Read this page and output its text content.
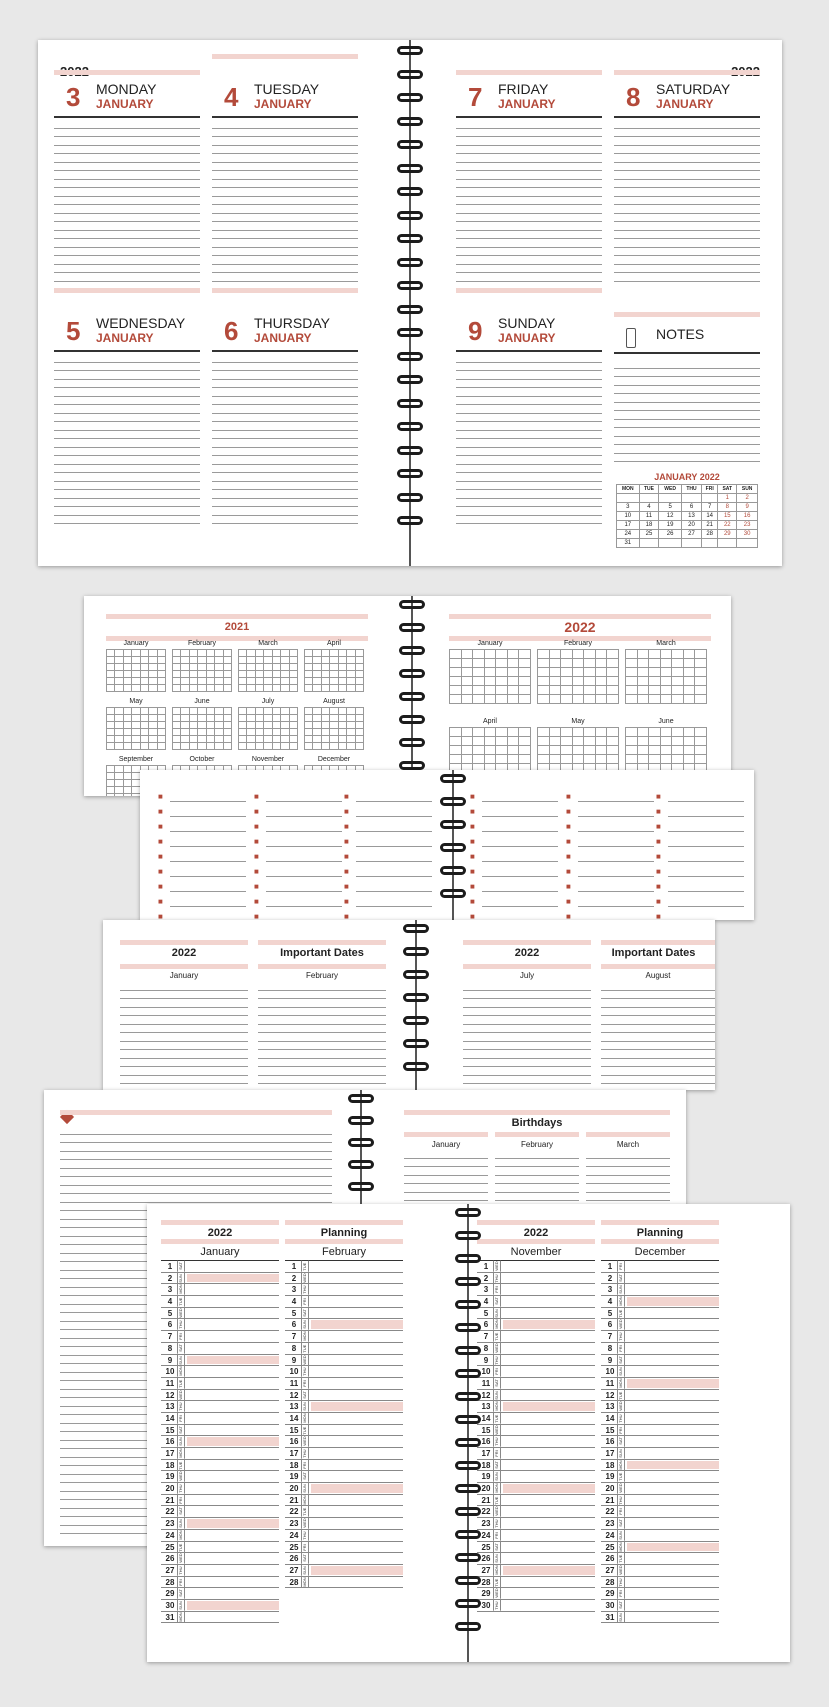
3 MONDAY
JANUARY	4 TUESDAY
JANUARY
5 WEDNESDAY
JANUARY	6 THURSDAY
JANUARY
7 FRIDAY
JANUARY	8 SATURDAY
JANUARY
9 SUNDAY
JANUARY	NOTES
JANUARY 2022
MON	TUE	WED	THU	FRI	SAT	SUN
					1	2
3	4	5	6	7	8	9
10	11	12	13	14	15	16
17	18	19	20	21	22	23
24	25	26	27	28	29	30
31						
2021
January	February	March	April
May	June	July	August
September	October	November	December
2022
January	February	March
April	May	June
■	■	■
■	■	■
■	■	■
■	■	■
■	■	■
■	■	■
■	■	■
■	■	■
■	■	■
■	■	■
■	■	■
■	■	■
■	■	■
■	■	■
■	■	■
■	■	■
■	■	■
■	■	■
2022	Important Dates
January	February
2022	Important Dates
July	August
Birthdays
January	February	March
2022
January
1	SAT
2	SUN
3	MON
4	TUE
5	WED
6	THU
7	FRI
8	SAT
9	SUN
10 MON
11 TUE
12 WED
13 THU
14 FRI
15 SAT
16 SUN
17 MON
18 TUE
19 WED
20 THU
21 FRI
22 SAT
23 SUN
24 MON
25 TUE
26 WED
27 THU
28 FRI
29 SAT
30 SUN
31 MON
Planning
February
1	TUE
2	WED
3	THU
4	FRI
5	SAT
6	SUN
7	MON
8	TUE
9	WED
10 THU
11 FRI
12 SAT
13 SUN
14 MON
15 TUE
16 WED
17 THU
18 FRI
19 SAT
20 SUN
21 MON
22 TUE
23 WED
24 THU
25 FRI
26 SAT
27 SUN
28 MON
2022
November
1	WED
2	THU
3	FRI
4	SAT
5	SUN
6	MON
7	TUE
8	WED
9	THU
10 FRI
11 SAT
12 SUN
13 MON
14 TUE
15 WED
16 THU
17 FRI
18 SAT
19 SUN
20 MON
21 TUE
22 WED
23 THU
24 FRI
25 SAT
26 SUN
27 MON
28 TUE
29 WED
30 THU
Planning
December
1	FRI
2	SAT
3	SUN
4	MON
5	TUE
6	WED
7	THU
8	FRI
9	SAT
10 SUN
11 MON
12 TUE
13 WED
14 THU
15 FRI
16 SAT
17 SUN
18 MON
19 TUE
20 WED
21 THU
22 FRI
23 SAT
24 SUN
25 MON
26 TUE
27 WED
28 THU
29 FRI
30 SAT
31 SUN
